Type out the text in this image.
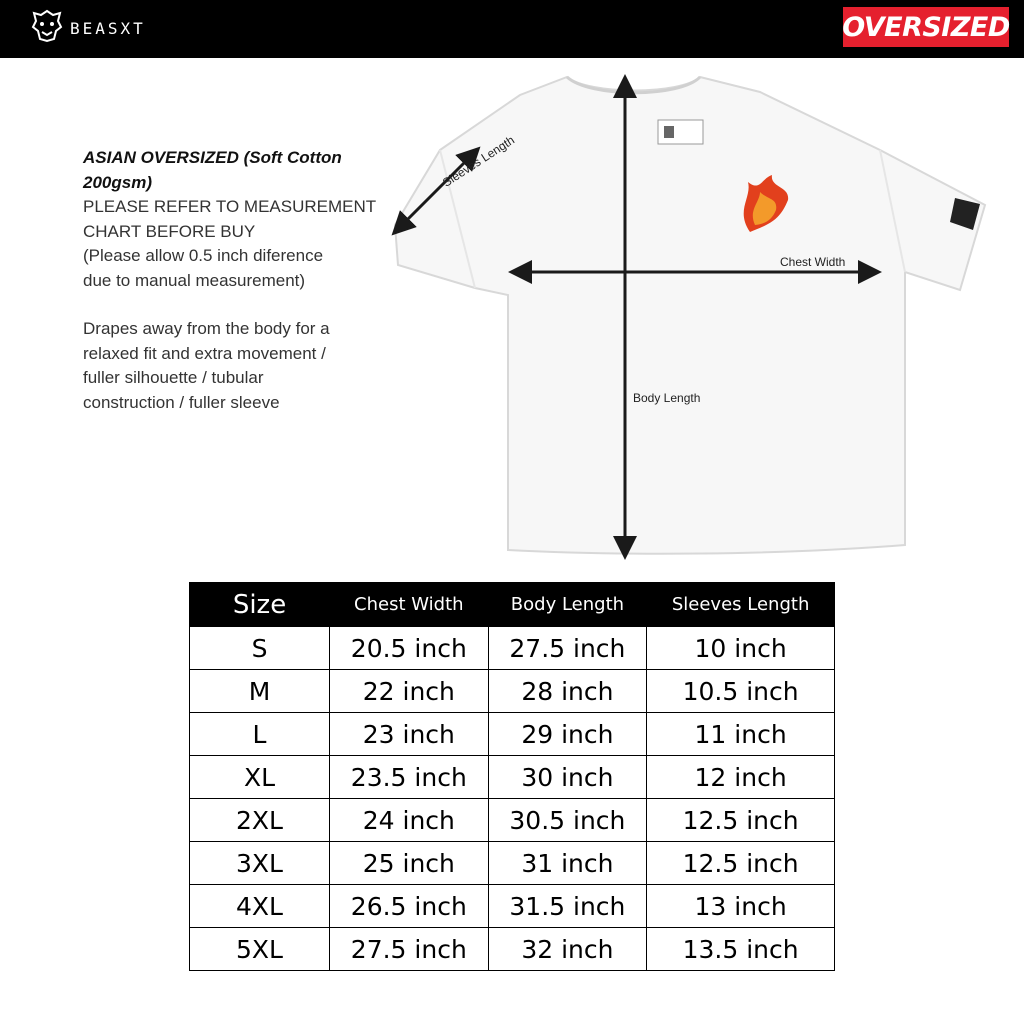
BEASXT	OVERSIZED

ASIAN OVERSIZED (Soft Cotton 200gsm)

PLEASE REFER TO MEASUREMENT

CHART BEFORE BUY

(Please allow 0.5 inch diference

due to manual measurement)

Drapes away from the body for a

relaxed fit and extra movement /

fuller silhouette / tubular

construction / fuller sleeve

Sleeves Length
Chest Width
Body Length
Size	Chest Width	Body Length	Sleeves Length
S	20.5 inch	27.5 inch	10 inch
M	22 inch	28 inch	10.5 inch
L	23 inch	29 inch	11 inch
XL	23.5 inch	30 inch	12 inch
2XL	24 inch	30.5 inch	12.5 inch
3XL	25 inch	31 inch	12.5 inch
4XL	26.5 inch	31.5 inch	13 inch
5XL	27.5 inch	32 inch	13.5 inch
